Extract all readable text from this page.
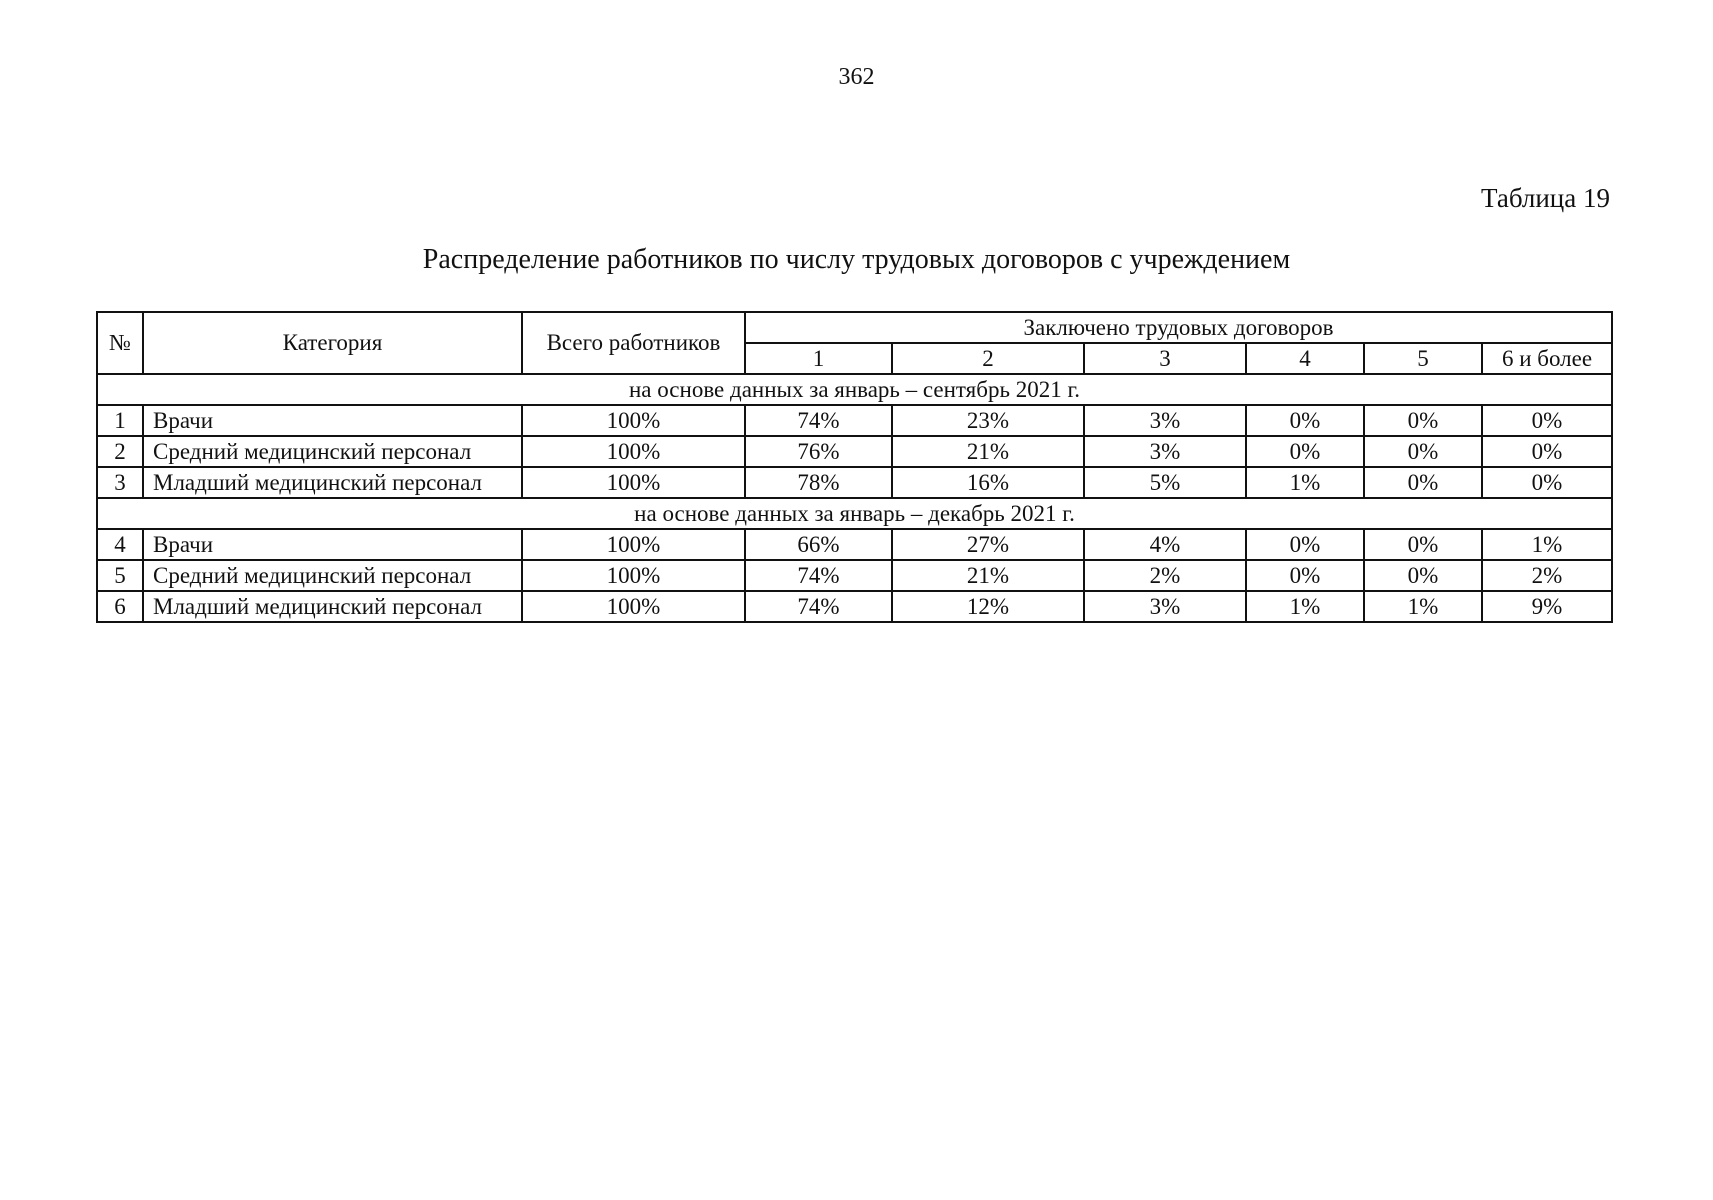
362
Таблица 19
Распределение работников по числу трудовых договоров с учреждением
№	Категория	Всего работников	Заключено трудовых договоров					
			1	2	3	4	5	6 и более
на основе данных за январь – сентябрь 2021 г.								
1	Врачи	100%	74%	23%	3%	0%	0%	0%
2	Средний медицинский персонал	100%	76%	21%	3%	0%	0%	0%
3	Младший медицинский персонал	100%	78%	16%	5%	1%	0%	0%
на основе данных за январь – декабрь 2021 г.								
4	Врачи	100%	66%	27%	4%	0%	0%	1%
5	Средний медицинский персонал	100%	74%	21%	2%	0%	0%	2%
6	Младший медицинский персонал	100%	74%	12%	3%	1%	1%	9%
